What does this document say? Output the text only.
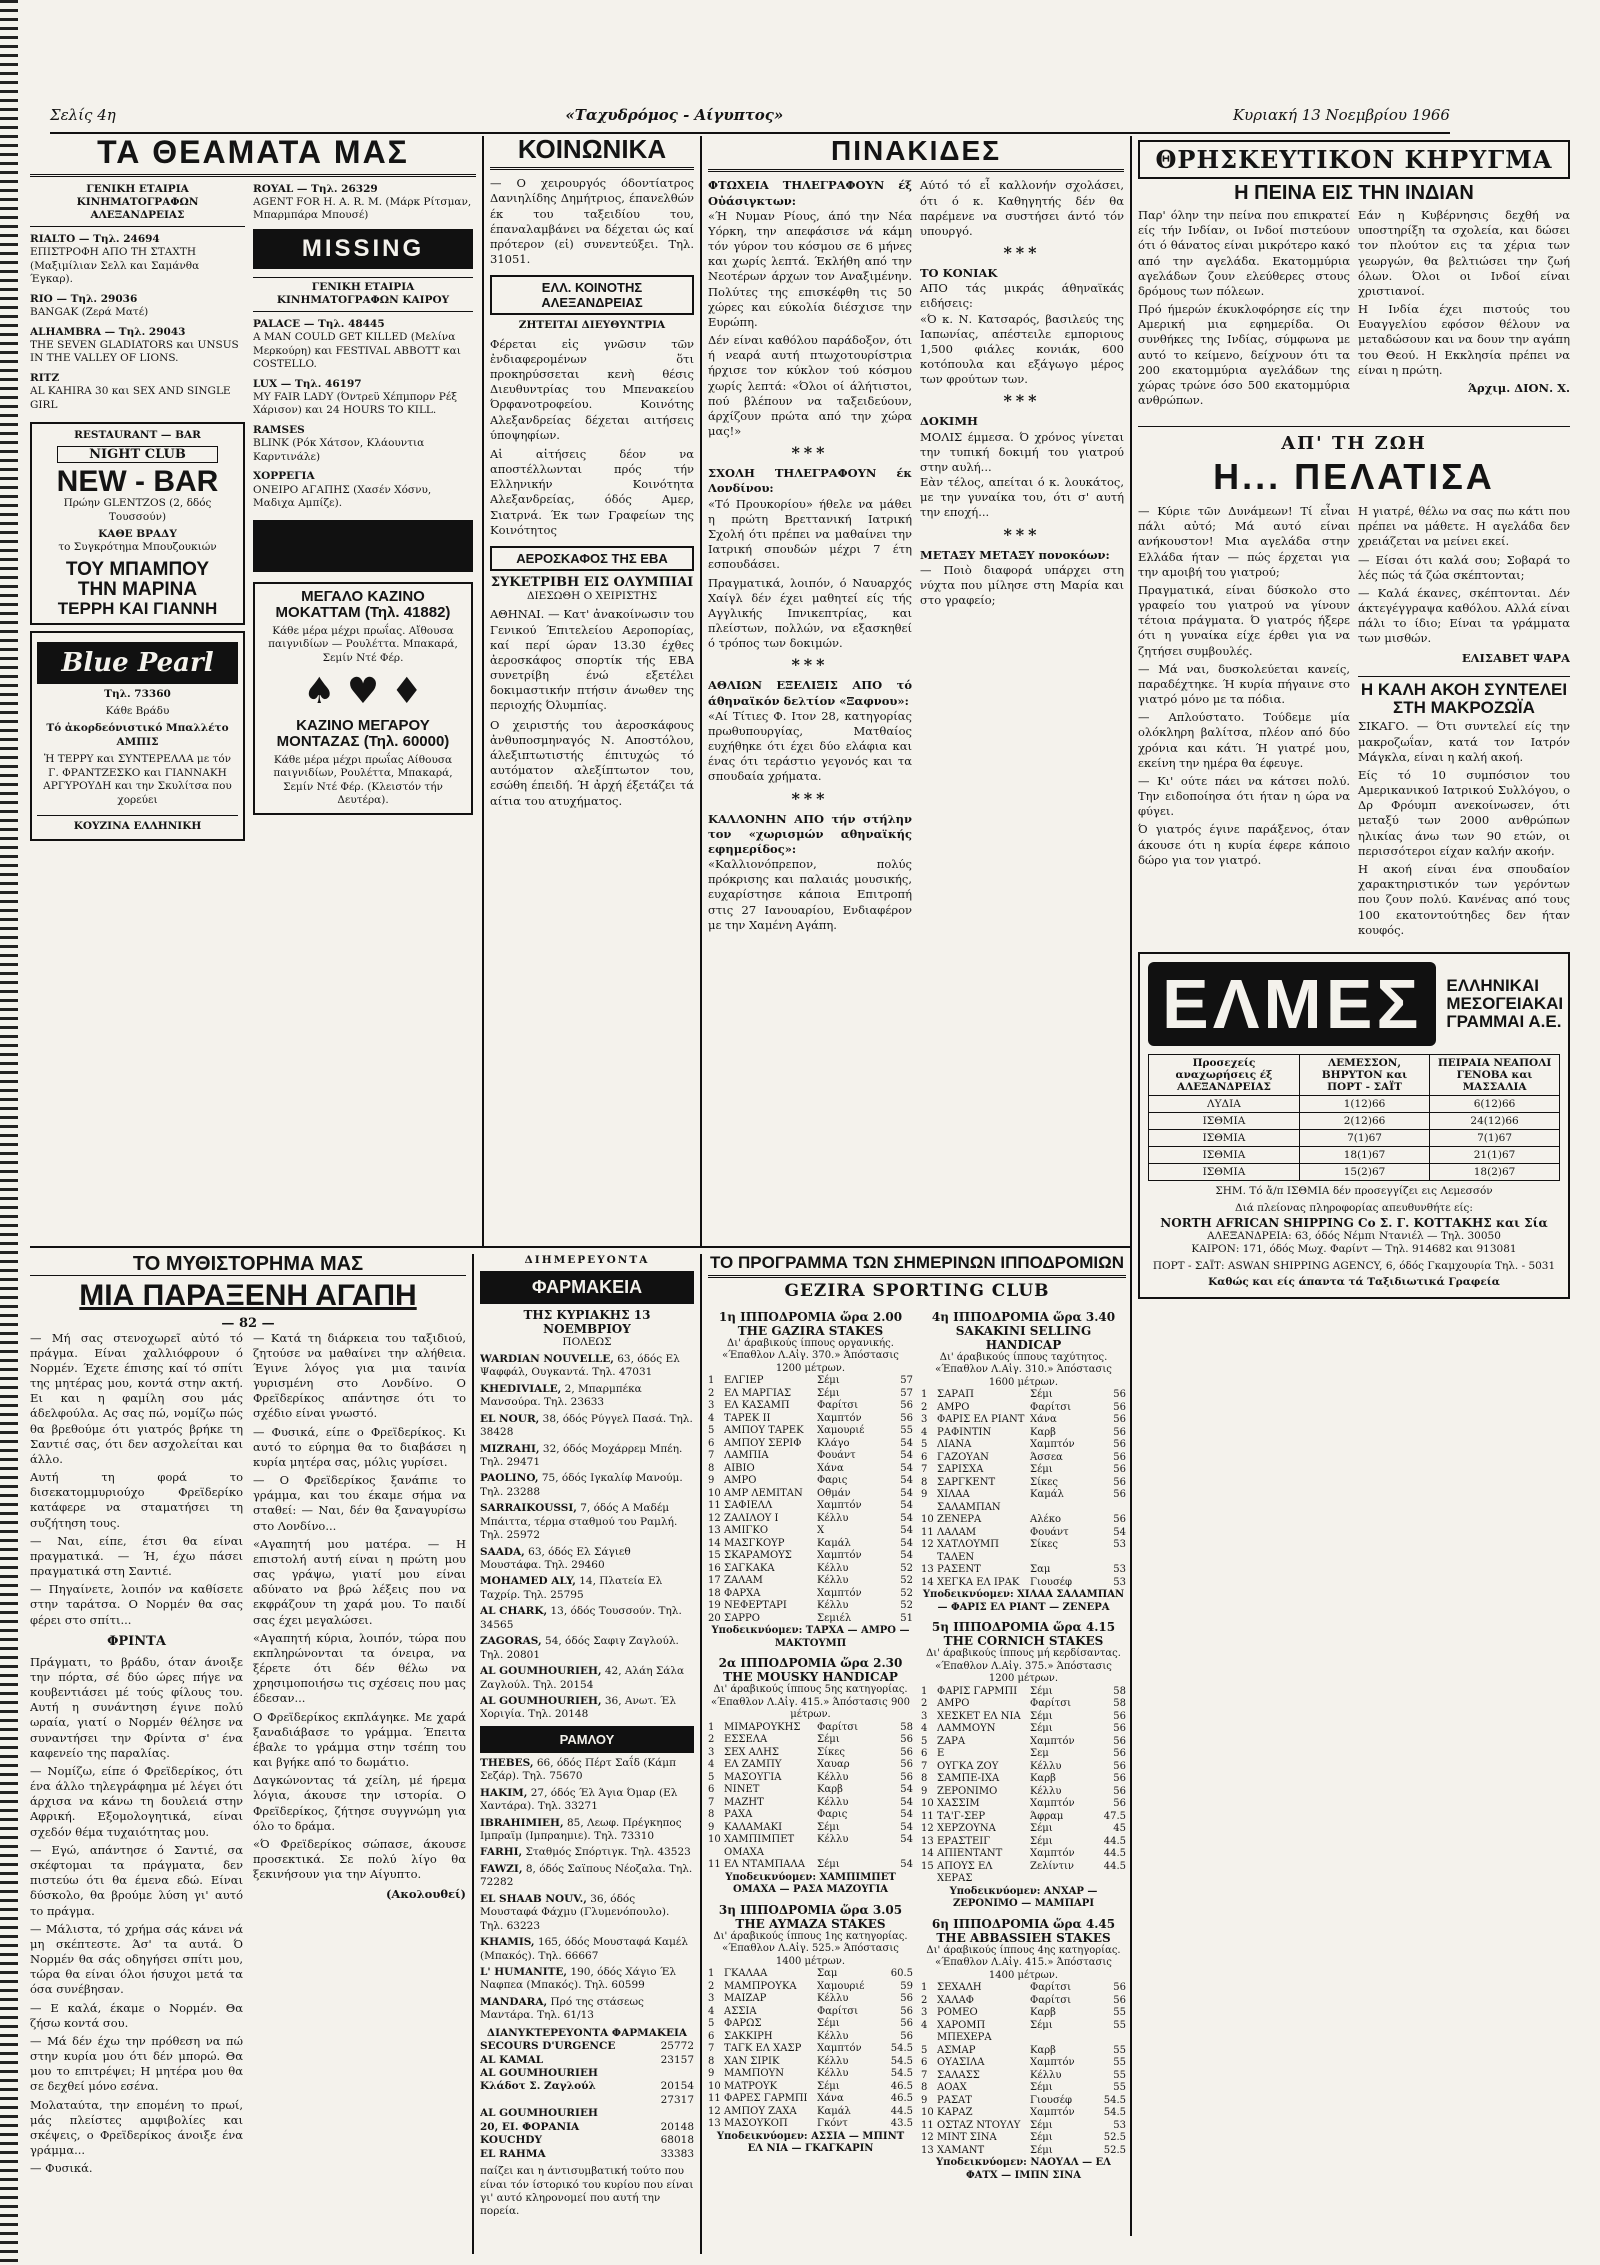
Σελίς 4η	«Ταχυδρόμος - Αίγυπτος»	Κυριακή 13 Νοεμβρίου 1966
ΤΑ ΘΕΑΜΑΤΑ ΜΑΣ
ΓΕΝΙΚΗ ΕΤΑΙΡΙΑ ΚΙΝΗΜΑΤΟΓΡΑΦΩΝ ΑΛΕΞΑΝΔΡΕΙΑΣ
RIALTO — Τηλ. 24694
ΕΠΙΣΤΡΟΦΗ ΑΠΟ ΤΗ ΣΤΑΧΤΗ (Μαξιμίλιαν Σελλ και Σαμάνθα Έγκαρ).
RIO — Τηλ. 29036
BANGAK (Ζερά Ματέ)
ALHAMBRA — Τηλ. 29043
THE SEVEN GLADIATORS και UNSUS IN THE VALLEY OF LIONS.
RITZ
AL KAHIRA 30 και SEX AND SINGLE GIRL
RESTAURANT — BAR
NIGHT CLUB
NEW - BAR
Πρώην GLENTZOS (2, δδός Τουσσούν)
ΚΑΘΕ ΒΡΑΔΥ
το Συγκρότημα Μπουζουκιών
ΤΟΥ ΜΠΑΜΠΟΥ
ΤΗΝ ΜΑΡΙΝΑ
ΤΕΡΡΗ ΚΑΙ ΓΙΑΝΝΗ
Blue Pearl
Τηλ. 73360
Κάθε Βράδυ
Τό ἀκορδεόνιστικό Μπαλλέτο ΑΜΠΙΣ
Ἡ ΤΕΡΡΥ και ΣΥΝΤΕΡΕΛΛΑ με τόν Γ. ΦΡΑΝΤΖΕΣΚΟ και ΓΙΑΝΝΑΚΗ ΑΡΓΥΡΟΥΔΗ και την Σκυλίτσα που χορεύει
ΚΟΥΖΙΝΑ ΕΛΛΗΝΙΚΗ
ROYAL — Τηλ. 26329
AGENT FOR H. A. R. M. (Μάρκ Ρίτσμαν, Μπαρμπάρα Μπουσέ)
MISSING
ΓΕΝΙΚΗ ΕΤΑΙΡΙΑ ΚΙΝΗΜΑΤΟΓΡΑΦΩΝ ΚΑΙΡΟΥ
PALACE — Τηλ. 48445
A MAN COULD GET KILLED (Μελίνα Μερκούρη) και FESTIVAL ABBOTT και COSTELLO.
LUX — Τηλ. 46197
MY FAIR LADY (Όντρεϋ Χέπμπορν Ρέξ Χάρισον) και 24 HOURS TO KILL.
RAMSES
BLINK (Ρόκ Χάτσον, Κλάουντια Καρντινάλε)
ΧΟΡΡΕΓΙΑ
ΟΝΕΙΡΟ ΑΓΑΠΗΣ (Χασέν Χόσνυ, Μαδιχα Αμπίζε).
ΜΕΓΑΛΟ ΚΑΖΙΝΟ ΜΟΚΑΤΤΑΜ (Τηλ. 41882)
Κάθε μέρα μέχρι πρωΐας. Αἴθουσα παιγνιδίων — Ρουλέττα. Μπακαρά, Σεμίν Ντέ Φέρ.
♠ ♥ ♦
ΚΑΖΙΝΟ ΜΕΓΑΡΟΥ ΜΟΝΤΑΖΑΣ (Τηλ. 60000)
Κάθε μέρα μέχρι πρωΐας Αίθουσα παιγνιδίων, Ρουλέττα, Μπακαρά, Σεμίν Ντέ Φέρ. (Κλειστόν τήν Δευτέρα).
ΚΟΙΝΩΝΙΚΑ
— Ο χειρουργός όδοντίατρος Δανιηλίδης Δημήτριος, έπανελθών έκ του ταξειδίου του, έπαναλαμβάνει να δέχεται ώς καί πρότερον (εἰ) συνεντεύξει. Τηλ. 31051.
ΕΛΛ. ΚΟΙΝΟΤΗΣ ΑΛΕΞΑΝΔΡΕΙΑΣ
ΖΗΤΕΙΤΑΙ ΔΙΕΥΘΥΝΤΡΙΑ
Φέρεται εἰς γνῶσιν τῶν ἐνδιαφερομένων ὅτι προκηρύσσεται κενὴ θέσις Διευθυντρίας του Μπενακείου Όρφανοτροφείου. Κοινότης Αλεξανδρείας δέχεται αιτήσεις ύποψηφίων.
Αἱ αἰτήσεις δέον να αποστέλλωνται πρός τήν Ελληνικήν Κοινότητα Αλεξανδρείας, όδός Αμερ, Σιατρνά. Έκ των Γραφείων της Κοινότητος
ΑΕΡΟΣΚΑΦΟΣ ΤΗΣ ΕΒΑ
ΣΥΚΕΤΡΙΒΗ ΕΙΣ ΟΛΥΜΠΙΑΙ
ΔΙΕΣΩΘΗ Ο ΧΕΙΡΙΣΤΗΣ
ΑΘΗΝΑΙ. — Κατ' ἀνακοίνωσιν του Γενικού Έπιτελείου Αεροπορίας, καί περί ώραν 13.30 έχθες ἀεροσκάφος σπορτίκ τής ΕΒΑ συνετρίβη ένώ εξετέλει δοκιμαστικήν πτήσιν άνωθεν της περιοχής Όλυμπίας.
Ο χειριστής του ἀεροσκάφους ἀνθυποσμηναγός Ν. Αποστόλου, άλεξιπτωτιστής έπιτυχώς τό αυτόματον αλεξίπτωτον του, εσώθη έπειδή. Ή ἀρχή έξετάζει τά αίτια του ατυχήματος.
ΠΙΝΑΚΙΔΕΣ
ΦΤΩΧΕΙΑ ΤΗΛΕΓΡΑΦΟΥΝ έξ Οὐάσιγκτων:
«Ή Νυμαν Ρίους, άπό την Νέα Υόρκη, την απεφάσισε νά κάμη τόν γύρον του κόσμου σε 6 μήνες και χωρίς λεπτά. Έκλήθη από την Νεοτέρων άρχων τον Αναξιμένην. Πολύτες της επισκέφθη τις 50 χώρες και εύκολία διέσχισε την Ευρώπη.
Δέν είναι καθόλου παράδοξον, ότι ή νεαρά αυτή πτωχοτουρίστρια ήρχισε τον κύκλον τού κόσμου χωρίς λεπτά: «Όλοι οί άλήτιστοι, πού βλέπουν να ταξειδεύουν, άρχίζουν πρώτα από την χώρα μας!»
***
ΣΧΟΛΗ ΤΗΛΕΓΡΑΦΟΥΝ έκ Λονδίνου:
«Τό Προυκορίου» ήθελε να μάθει η πρώτη Βρεττανική Ιατρική Σχολή ότι πρέπει να μαθαίνει την Ιατρική σπουδών μέχρι 7 έτη εσπουδάσει.
Πραγματικά, λοιπόν, ό Ναυαρχός Χαίγλ δέν έχει μαθητεί είς τής Αγγλικής Ιπνικεπτρίας, και πλείστων, πολλών, να εξασκηθεί ό τρόπος των δοκιμών.
***
ΑΘΛΙΩΝ ΕΞΕΛΙΞΙΣ ΑΠΟ τό άθηναϊκόν δελτίον «Ξαφνου»:
«Αί Τίτιες Φ. Ιτον 28, κατηγορίας πρωθυπουργίας, Ματθαίος ευχήθηκε ότι έχει δύο ελάφια και ένας ότι τεράστιο γεγονός και τα σπουδαία χρήματα.
***
ΚΑΛΛΟΝΗΝ ΑΠΟ τήν στήλην τον «χωρισμών αθηναϊκής εφημερίδος»:
«Καλλιονόπρεπον, πολύς πρόκρισης και παλαιάς μουσικής, ευχαρίστησε κάποια Επιτροπή στις 27 Ιανουαρίου, Ενδιαφέρον με την Χαμένη Αγάπη.
Αύτό τό εἶ καλλονήν σχολάσει, ότι ό κ. Καθηγητής δέν θα παρέμενε να συστήσει άντό τόν υπουργό.
***
ΤΟ ΚΟΝΙΑΚ
ΑΠΟ τάς μικράς άθηναϊκάς ειδήσεις:
«Ό κ. Ν. Κατσαρός, βασιλεύς της Ιαπωνίας, απέστειλε εμποριους 1,500 φιάλες κονιάκ, 600 κοτόπουλα και εξάγωγο μέρος των φρούτων των.
***
ΔΟΚΙΜΗ
ΜΟΛΙΣ έμμεσα. Ό χρόνος γίνεται την τυπική δοκιμή του γιατρού στην αυλή...
Εὰν τέλος, απείται ό κ. λουκάτος, με την γυναίκα του, ότι σ' αυτή την εποχή...
***
ΜΕΤΑΞΥ ΜΕΤΑΞΥ πονοκόων:
— Ποιὸ διαφορά υπάρχει στη νύχτα που μίλησε στη Μαρία και στο γραφείο;
ΤΟ ΜΥΘΙΣΤΟΡΗΜΑ ΜΑΣ
ΜΙΑ ΠΑΡΑΞΕΝΗ ΑΓΑΠΗ
— 82 —
— Μή σας στενοχωρεῖ αὐτό τό πράγμα. Είναι χαλλιόφρουν ό Νορμέν. Έχετε έπισης καί τό σπίτι της μητέρας μου, κοντά στην ακτή. Ει και η φαμίλη σου μάς άδελφούλα. Ας σας πώ, νομίζω πώς θα βρεθούμε ότι γιατρός βρήκε τη Σαντιέ σας, ότι δεν ασχολείται και άλλο.
Αυτή τη φορά το δισεκατομμυριούχο Φρεϊδερίκο κατάφερε να σταματήσει τη συζήτηση τους.
— Ναι, είπε, έτσι θα είναι πραγματικά. — Ή, έχω πάσει πραγματικά στη Σαντιέ.
— Πηγαίνετε, λοιπόν να καθίσετε στην ταράτσα. Ο Νορμέν θα σας φέρει στο σπίτι...
ΦΡΙΝΤΑ
Πράγματι, το βράδυ, όταν άνοιξε την πόρτα, σέ δύο ώρες πήγε να κουβεντιάσει μέ τούς φίλους του. Αυτή η συνάντηση έγινε πολύ ωραία, γιατί ο Νορμέν θέλησε να συναντήσει την Φρίντα σ' ένα καφενείο της παραλίας.
— Νομίζω, είπε ό Φρεϊδερίκος, ότι ένα άλλο τηλεγράφημα μέ λέγει ότι άρχισα να κάνω τη δουλειά στην Αφρική. Εξομολογητικά, είναι σχεδόν θέμα τυχαιότητας μου.
— Εγώ, απάντησε ό Σαντιέ, σα σκέφτομαι τα πράγματα, δεν πιστεύω ότι θα έμενα εδώ. Είναι δύσκολο, θα βρούμε λύση γι' αυτό το πράγμα.
— Μάλιστα, τό χρήμα σάς κάνει νά μη σκέπτεστε. Άσ' τα αυτά. Ό Νορμέν θα σάς οδηγήσει σπίτι μου, τώρα θα είναι όλοι ήσυχοι μετά τα όσα συνέβησαν.
— Ε καλά, έκαμε ο Νορμέν. Θα ζήσω κοντά σου.
— Μά δέν έχω την πρόθεση να πώ στην κυρία μου ότι δέν μπορώ. Θα μου το επιτρέψει; Η μητέρα μου θα σε δεχθεί μόνο εσένα.
Μολαταύτα, την επομένη το πρωί, μάς πλείστες αμφιβολίες και σκέψεις, ο Φρεϊδερίκος άνοιξε ένα γράμμα...
— Φυσικά.
— Κατά τη διάρκεια του ταξιδιού, ζητούσε να μαθαίνει την αλήθεια. Έγινε λόγος για μια ταινία γυρισμένη στο Λονδίνο. Ο Φρεϊδερίκος απάντησε ότι το σχέδιο είναι γνωστό.
— Φυσικά, είπε ο Φρεϊδερίκος. Κι αυτό το εύρημα θα το διαβάσει η κυρία μητέρα σας, μόλις γυρίσει.
— Ο Φρεϊδερίκος ξανάπιε το γράμμα, και του έκαμε σήμα να σταθεί: — Ναι, δέν θα ξαναγυρίσω στο Λονδίνο...
«Αγαπητή μου ματέρα. — Η επιστολή αυτή είναι η πρώτη μου σας γράψω, γιατί μου είναι αδύνατο να βρώ λέξεις που να εκφράζουν τη χαρά μου. Το παιδί σας έχει μεγαλώσει.
«Αγαπητή κύρια, λοιπόν, τώρα που εκπληρώνονται τα όνειρα, να ξέρετε ότι δέν θέλω να χρησιμοποιήσω τις σχέσεις που μας έδεσαν...
Ο Φρεϊδερίκος εκπλάγηκε. Με χαρά ξαναδιάβασε το γράμμα. Έπειτα έβαλε το γράμμα στην τσέπη του και βγήκε από το δωμάτιο.
Δαγκώνοντας τά χείλη, μέ ήρεμα λόγια, άκουσε την ιστορία. Ο Φρεϊδερίκος, ζήτησε συγγνώμη για όλο το δράμα.
«Ό Φρεϊδερίκος σώπασε, άκουσε προσεκτικά. Σε πολύ λίγο θα ξεκινήσουν για την Αίγυπτο.
(Ακολουθεί)
ΔΙΗΜΕΡΕΥΟΝΤΑ
ΦΑΡΜΑΚΕΙΑ
ΤΗΣ ΚΥΡΙΑΚΗΣ 13 ΝΟΕΜΒΡΙΟΥ
ΠΟΛΕΩΣ
WARDIAN NOUVELLE, 63, όδός Ελ Ψαφφάλ, Ουγκαντά. Τηλ. 47031
KHEDIVIALE, 2, Μπαρμπέκα Μανσούρα. Τηλ. 23633
EL NOUR, 38, όδός Ρύγγελ Πασά. Τηλ. 38428
MIZRAHI, 32, όδός Μοχάρρεμ Μπέη. Τηλ. 29471
PAOLINO, 75, όδός Ιγκαλίφ Μανούμ. Τηλ. 23288
SARRAIKOUSSI, 7, όδός Α Μαδέμ Μπάιττα, τέρμα σταθμού του Ραμλή. Τηλ. 25972
SAADA, 63, όδός Ελ Σάγιεθ Μουστάφα. Τηλ. 29460
MOHAMED ALY, 14, Πλατεία Ελ Ταχρίρ. Τηλ. 25795
AL CHARK, 13, όδός Τουσσούν. Τηλ. 34565
ZAGORAS, 54, όδός Σαφιγ Ζαγλούλ. Τηλ. 20801
AL GOUMHOURIEH, 42, Αλάη Σάλα Ζαγλούλ. Τηλ. 20154
AL GOUMHOURIEH, 36, Ανωτ. Έλ Χοριγία. Τηλ. 20148
ΡΑΜΛΟΥ
THEBES, 66, όδός Πέρτ Σαΐδ (Κάμπ Σεζάρ). Τηλ. 75670
HAKIM, 27, όδός Έλ Άγια Όμαρ (Ελ Χαντάρα). Τηλ. 33271
IBRAHIMIEH, 85, Λεωφ. Πρέγκηπος Ιμπραϊμ (Ιμπραημιε). Τηλ. 73310
FARHI, Σταθμός Σπόρτιγκ. Τηλ. 43523
FAWZI, 8, όδός Σαϊπους Νέοζαλα. Τηλ. 72282
EL SHAAB NOUV., 36, όδός Μουσταφά Φάχμυ (Γλυμενόπουλο). Τηλ. 63223
KHAMIS, 165, όδός Μουσταφά Καμέλ (Μπακός). Τηλ. 66667
L' HUMANITE, 190, όδός Χάγιο Έλ Ναφπεα (Μπακός). Τηλ. 60599
MANDARA, Πρό της στάσεως Μαντάρα. Τηλ. 61/13
ΔΙΑΝΥΚΤΕΡΕΥΟΝΤΑ ΦΑΡΜΑΚΕΙΑ
SECOURS D'URGENCE	25772
AL KAMAL	23157
AL GOUMHOURIEH
Κλάδοτ Σ. Ζαγλούλ	20154
27317
AL GOUMHOURIEH
20, ΕΙ. ΦΟΡΑΝΙΑ	20148
KOUCHDY	68018
EL RAHMA	33383
παίζει και η άντισυμβατική τούτο που είναι τόν ίστορικό του κυρίου που είναι γι' αυτό κληρονομεί που αυτή την πορεία.
ΤΟ ΠΡΟΓΡΑΜΜΑ ΤΩΝ ΣΗΜΕΡΙΝΩΝ ΙΠΠΟΔΡΟΜΙΩΝ
GEZIRA SPORTING CLUB
1η ΙΠΠΟΔΡΟΜΙΑ ὥρα 2.00
THE GAZIRA STAKES
Δι' άραβικούς ίππους οργανικής. «Έπαθλον Λ.Αἰγ. 370.» Άπόστασις 1200 μέτρων.
1 ΕΛΓΙΕΡ	Σέμι	57
2 ΕΛ ΜΑΡΓΙΑΣ	Σέμι	57
3 ΕΛ ΚΑΣΑΜΠ	Φαρίτσι	56
4 ΤΑΡΕΚ ΙΙ	Χαμπτόν	56
5 ΑΜΠΟΥ ΤΑΡΕΚ	Χαμουριέ	55
6 ΑΜΠΟΥ ΣΕΡΙΦ	Κλάγο	54
7 ΛΑΜΠΙΑ	Φουάντ	54
8 ΑΙΒΙΟ	Χάνα	54
9 ΑΜΡΟ	Φαρις	54
10 ΑΜΡ ΛΕΜΙΤΑΝ	Οθμάν	54
11 ΣΑΦΙΕΛΛ	Χαμπτόν	54
12 ΖΑΛΙΛΟΥ Ι	Κέλλυ	54
13 ΑΜΙΓΚΟ	Χ	54
14 ΜΑΣΓΚΟΥΡ	Καμάλ	54
15 ΣΚΑΡΑΜΟΥΣ	Χαμπτόν	54
16 ΣΑΓΚΑΚΑ	Κέλλυ	52
17 ΖΑΛΑΜ	Κέλλυ	52
18 ΦΑΡΧΑ	Χαμπτόν	52
19 ΝΕΦΕΡΤΑΡΙ	Κέλλυ	52
20 ΣΑΡΡΟ	Σεμιέλ	51
Υποδεικνύομεν: ΤΑΡΧΑ — ΑΜΡΟ — ΜΑΚΤΟΥΜΠ
2α ΙΠΠΟΔΡΟΜΙΑ ὥρα 2.30
THE MOUSKY HANDICAP
Δι' άραβικούς ίππους 5ης κατηγορίας. «Έπαθλον Λ.Αἰγ. 415.» Άπόστασις 900 μέτρων.
1 ΜΙΜΑΡΟΥΚΗΣ	Φαρίτσι	58
2 ΕΣΣΕΛΑ	Σέμι	56
3 ΣΕΧ ΑΛΗΣ	Σίκες	56
4 ΕΛ ΖΑΜΠΥ	Χαυαρ	56
5 ΜΑΣΟΥΓΙΑ	Κέλλυ	56
6 ΝΙΝΕΤ	Καρβ	54
7 ΜΑΖΗΤ	Κέλλυ	54
8 ΡΑΧΑ	Φαρις	54
9 ΚΑΛΑΜΑΚΙ	Σέμι	54
10 ΧΑΜΠΙΜΠΕΤ ΟΜΑΧΑ
Κέλλυ	54
11 ΕΛ ΝΤΑΜΠΑΛΑ	Σέμι	54
Υποδεικνύομεν: ΧΑΜΠΙΜΠΕΤ ΟΜΑΧΑ — ΡΑΣΑ ΜΑΖΟΥΓΙΑ
3η ΙΠΠΟΔΡΟΜΙΑ ὥρα 3.05
THE AYMAZA STAKES
Δι' άραβικούς ίππους 1ης κατηγορίας. «Έπαθλον Λ.Αἰγ. 525.» Άπόστασις 1400 μέτρων.
1 ΓΚΑΛΑΑ	Σαμ	60.5
2 ΜΑΜΠΡΟΥΚΑ	Χαμουριέ	59
3 ΜΑΙΖΑΡ	Κέλλυ	56
4 ΑΣΣΙΑ	Φαρίτσι	56
5 ΦΑΡΩΣ	Σέμι	56
6 ΣΑΚΚΙΡΗ	Κέλλυ	56
7 ΤΑΓΚ ΕΛ ΧΑΣΡ	Χαμπτόν	54.5
8 ΧΑΝ ΣΙΡΙΚ	Κέλλυ	54.5
9 ΜΑΜΠΟΥΝ	Κέλλυ	54.5
10 ΜΑΤΡΟΥΚ	Σέμι	46.5
11 ΦΑΡΕΣ ΓΑΡΜΠΙ Χάνα	46.5
12 ΑΜΠΟΥ ΖΑΧΑ	Καμάλ	44.5
13 ΜΑΣΟΥΚΟΠ	Γκόντ	43.5
Υποδεικνύομεν: ΑΣΣΙΑ — ΜΠΙΝΤ ΕΛ ΝΙΑ — ΓΚΑΓΚΑΡΙΝ
4η ΙΠΠΟΔΡΟΜΙΑ ὥρα 3.40
SAKAKINI SELLING HANDICAP
Δι' άραβικούς ίππους ταχύτητος. «Έπαθλον Λ.Αἰγ. 310.» Άπόστασις 1600 μέτρων.
1 ΣΑΡΑΠ	Σέμι	56
2 ΑΜΡΟ	Φαρίτσι	56
3 ΦΑΡΙΣ ΕΛ ΡΙΑΝΤ Χάνα	56
4 ΡΑΦΙΝΤΙΝ	Καρβ	56
5 ΛΙΑΝΑ	Χαμπτόν	56
6 ΓΑΖΟΥΑΝ	Άσσεα	56
7 ΣΑΡΙΣΧΑ	Σέμι	56
8 ΣΑΡΓΚΕΝΤ	Σίκες	56
9 ΧΙΛΑΑ ΣΑΛΑΜΠΑΝ
Καμάλ	56
10 ΖΕΝΕΡΑ	Αλέκο	56
11 ΛΑΛΑΜ	Φουάντ	54
12 ΧΑΤΛΟΥΜΠ ΤΑΛΕΝ
Σίκες	53
13 ΡΑΣΕΝΤ	Σαμ	53
14 ΧΕΓΚΑ ΕΛ ΙΡΑΚ	Γιουσέφ	53
Υποδεικνύομεν: ΧΙΛΑΑ ΣΑΛΑΜΠΑΝ — ΦΑΡΙΣ ΕΛ ΡΙΑΝΤ — ΖΕΝΕΡΑ
5η ΙΠΠΟΔΡΟΜΙΑ ὥρα 4.15
THE CORNICH STAKES
Δι' άραβικούς ίππους μή κερδίσαντας. «Έπαθλον Λ.Αἰγ. 375.» Άπόστασις 1200 μέτρων.
1 ΦΑΡΙΣ ΓΑΡΜΠΙ	Σέμι	58
2 ΑΜΡΟ	Φαρίτσι	58
3 ΧΕΣΚΕΤ ΕΛ ΝΙΑ Σέμι	56
4 ΛΑΜΜΟΥΝ	Σέμι	56
5 ΖΑΡΑ	Χαμπτόν	56
6 Ε	Σεμ	56
7 ΟΥΓΚΑ ΖΟΥ	Κέλλυ	56
8 ΣΑΜΠΕ-ΙΧΑ	Καρβ	56
9 ΖΕΡΟΝΙΜΟ	Κέλλυ	56
10 ΧΑΣΣΙΜ	Χαμπτόν	56
11 ΤΑ'Γ-ΣΕΡ	Άφραμ	47.5
12 ΧΕΡΖΟΥΝΑ	Σέμι	45
13 ΕΡΑΣΤΕΙΓ	Σέμι	44.5
14 ΑΠΙΕΝΤΑΝΤ	Χαμπτόν	44.5
15 ΑΠΟΥΣ ΕΛ ΧΕΡΑΣ
Ζελίντιν	44.5
Υποδεικνύομεν: ΑΝΧΑΡ — ΖΕΡΟΝΙΜΟ — ΜΑΜΠΑΡΙ
6η ΙΠΠΟΔΡΟΜΙΑ ὥρα 4.45
THE ABBASSIEH STAKES
Δι' άραβικούς ίππους 4ης κατηγορίας. «Έπαθλον Λ.Αἰγ. 415.» Άπόστασις 1400 μέτρων.
1 ΣΕΧΑΛΗ	Φαρίτσι	56
2 ΧΑΛΑΦ	Φαρίτσι	56
3 ΡΟΜΕΟ	Καρβ	55
4 ΧΑΡΟΜΠ ΜΠΕΧΕΡΑ
Σέμι	55
5 ΑΣΜΑΡ	Καρβ	55
6 ΟΥΑΣΙΛΑ	Χαμπτόν	55
7 ΣΑΛΑΣΣ	Κέλλυ	55
8 ΑΟΑΧ	Σέμι	55
9 ΡΑΣΑΤ	Γιουσέφ	54.5
10 ΚΑΡΑΖ	Χαμπτόν	54.5
11 ΟΣΤΑΖ ΝΤΟΥΛΥ Σέμι	53
12 ΜΙΝΤ ΣΙΝΑ	Σέμι	52.5
13 ΧΑΜΑΝΤ	Σέμι	52.5
Υποδεικνύομεν: ΝΑΟΥΑΛ — ΕΛ ΦΑΤΧ — ΙΜΠΝ ΣΙΝΑ
ΘΡΗΣΚΕΥΤΙΚΟΝ ΚΗΡΥΓΜΑ
Η ΠΕΙΝΑ ΕΙΣ ΤΗΝ ΙΝΔΙΑΝ
Παρ' όλην την πείνα που επικρατεί είς τήν Ινδίαν, οι Ινδοί πιστεύουν ότι ό θάνατος είναι μικρότερο κακό από την αγελάδα. Εκατομμύρια αγελάδων ζουν ελεύθερες στους δρόμους των πόλεων.
Πρό ήμερών έκυκλοφόρησε είς την Αμερική μια εφημερίδα. Οι συνθήκες της Ινδίας, σύμφωνα με αυτό το κείμενο, δείχνουν ότι τα 200 εκατομμύρια αγελάδων της χώρας τρώνε όσο 500 εκατομμύρια ανθρώπων.
Εάν η Κυβέρνησις δεχθή να υποστηρίξη τα σχολεία, και δώσει τον πλούτον εις τα χέρια των γεωργών, θα βελτιώσει την ζωή όλων. Όλοι οι Ινδοί είναι χριστιανοί.
Η Ινδία έχει πιστούς του Ευαγγελίου εφόσον θέλουν να μεταδώσουν και να δουν την αγάπη του Θεού. Η Εκκλησία πρέπει να είναι η πρώτη.
Άρχιμ. ΔΙΟΝ. Χ.
ΑΠ' ΤΗ ΖΩΗ
Η... ΠΕΛΑΤΙΣΑ
— Κύριε τῶν Δυνάμεων! Τί εἶναι πάλι αὐτό; Μά αυτό είναι ανήκουστον! Μια αγελάδα στην Ελλάδα ήταν — πώς έρχεται για την αμοιβή του γιατρού;
Πραγματικά, είναι δύσκολο στο γραφείο του γιατρού να γίνουν τέτοια πράγματα. Ό γιατρός ήξερε ότι η γυναίκα είχε έρθει για να ζητήσει συμβουλές.
— Μά ναι, δυσκολεύεται κανείς, παραδέχτηκε. Ή κυρία πήγαινε στο γιατρό μόνο με τα πόδια.
— Απλούστατο. Τούδεμε μία ολόκληρη βαλίτσα, πλέον από δύο χρόνια και κάτι. Ή γιατρέ μου, εκείνη την ημέρα θα έφευγε.
— Κι' ούτε πάει να κάτσει πολύ. Την ειδοποίησα ότι ήταν η ώρα να φύγει.
Ό γιατρός έγινε παράξενος, όταν άκουσε ότι η κυρία έφερε κάποιο δώρο για τον γιατρό.
Η γιατρέ, θέλω να σας πω κάτι που πρέπει να μάθετε. Η αγελάδα δεν χρειάζεται να μείνει εκεί.
— Είσαι ότι καλά σου; Σοβαρά το λές πώς τά ζώα σκέπτονται;
— Καλά έκανες, σκέπτονται. Δέν άκτεγέγγραψα καθόλου. Αλλά είναι πάλι το ίδιο; Είναι τα γράμματα των μισθών.
ΕΛΙΣΑΒΕΤ ΨΑΡΑ
Η ΚΑΛΗ ΑΚΟΗ ΣΥΝΤΕΛΕΙ ΣΤΗ ΜΑΚΡΟΖΩΪΑ
ΣΙΚΑΓΟ. — Ότι συντελεί είς την μακροζωΐαν, κατά τον Ιατρόν Μάγκλα, είναι η καλή ακοή.
Είς τό 10 συμπόσιον του Αμερικανικού Ιατρικού Συλλόγου, ο Δρ Φρόυμπ ανεκοίνωσεν, ότι μεταξύ των 2000 ανθρώπων ηλικίας άνω των 90 ετών, οι περισσότεροι είχαν καλήν ακοήν.
Η ακοή είναι ένα σπουδαίον χαρακτηριστικόν των γερόντων που ζουν πολύ. Κανένας από τους 100 εκατοντούτηδες δεν ήταν κουφός.
ΕΛΜΕΣ	ΕΛΛΗΝΙΚΑΙ ΜΕΣΟΓΕΙΑΚΑΙ ΓΡΑΜΜΑΙ Α.Ε.
Προσεχείς αναχωρήσεις έξ ΑΛΕΞΑΝΔΡΕΙΑΣ	ΛΕΜΕΣΣΟΝ, ΒΗΡΥΤΟΝ και ΠΟΡΤ - ΣΑΪΤ	ΠΕΙΡΑΙΑ ΝΕΑΠΟΛΙ ΓΕΝΟΒΑ και ΜΑΣΣΑΛΙΑ
ΛΥΔΙΑ	1(12)66	6(12)66
ΙΣΘΜΙΑ	2(12)66	24(12)66
ΙΣΘΜΙΑ	7(1)67	7(1)67
ΙΣΘΜΙΑ	18(1)67	21(1)67
ΙΣΘΜΙΑ	15(2)67	18(2)67
ΣΗΜ. Τό ἄ/π ΙΣΘΜΙΑ δέν προσεγγίζει εις Λεμεσσόν
Διά πλείονας πληροφορίας απευθυνθήτε είς:
NORTH AFRICAN SHIPPING Co Σ. Γ. ΚΟΤΤΑΚΗΣ και Σία
ΑΛΕΞΑΝΔΡΕΙΑ: 63, όδός Νέμπι Ντανιέλ — Τηλ. 30050
ΚΑΙΡΟΝ: 171, όδός Μωχ. Φαρίντ — Τηλ. 914682 και 913081
ΠΟΡΤ - ΣΑΪΤ: ASWAN SHIPPING AGENCY, 6, όδός Γκαμχουρία Τηλ. - 5031
Καθώς και είς άπαντα τά Ταξιδιωτικά Γραφεία
